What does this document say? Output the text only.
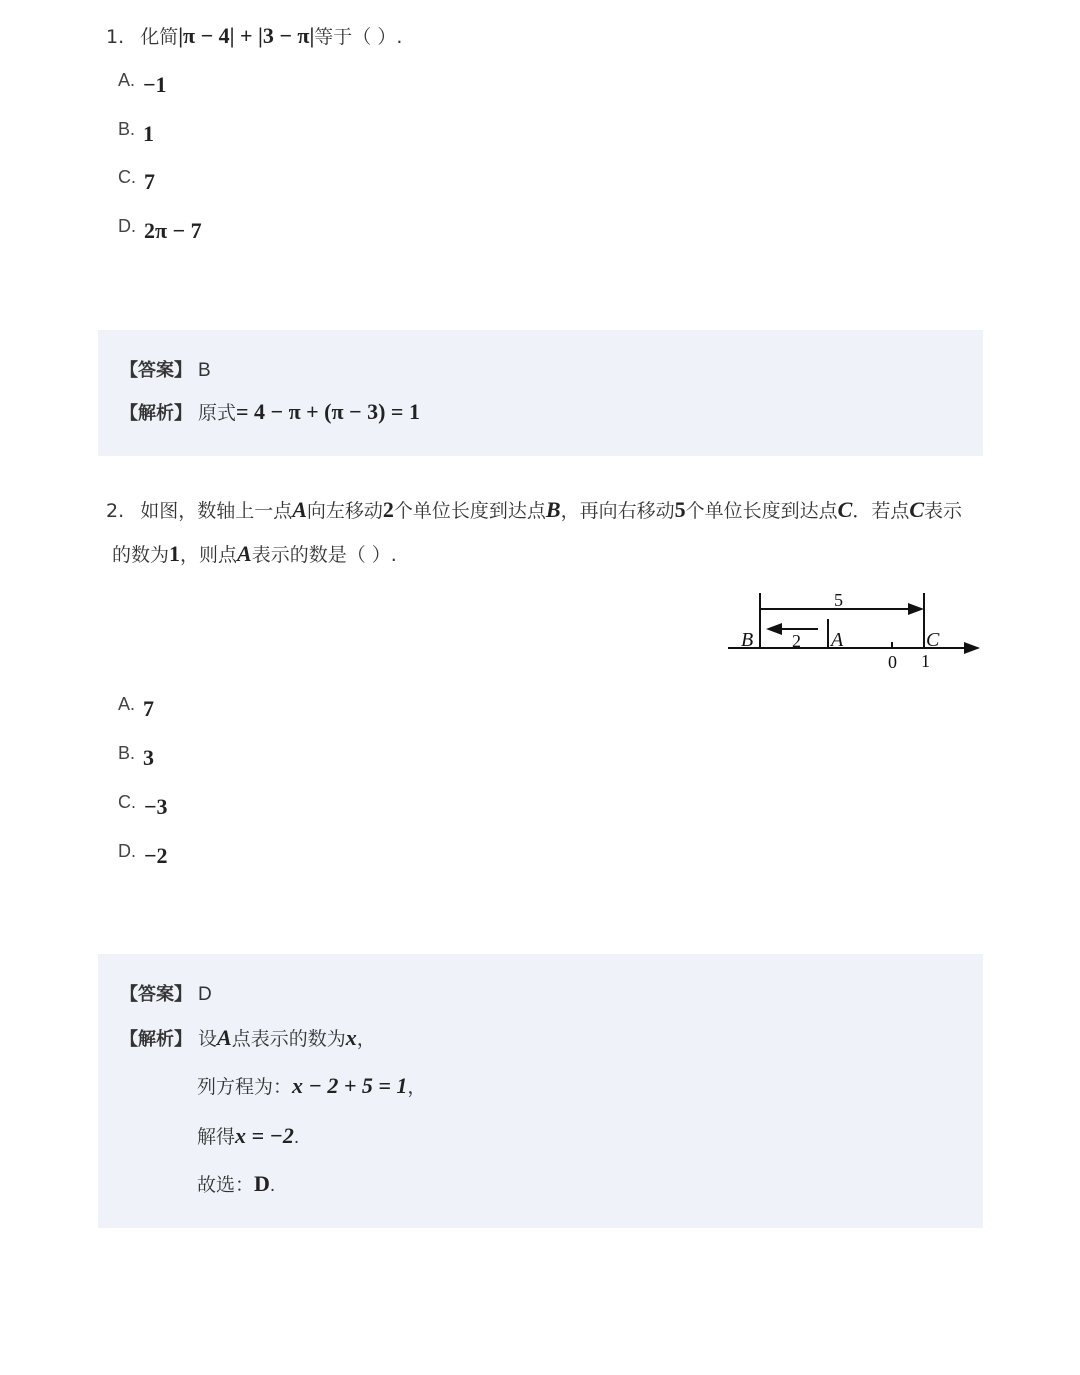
1. 化简|π − 4| + |3 − π|等于（ ）.
A. −1
B. 1
C. 7
D. 2π − 7
【答案】 B
【解析】 原式= 4 − π + (π − 3) = 1
2. 如图，数轴上一点A向左移动2个单位长度到达点B，再向右移动5个单位长度到达点C．若点C表示
的数为1，则点A表示的数是（ ）.
5
B 2 A	C
0 1
A. 7
B. 3
C. −3
D. −2
【答案】 D
【解析】 设A点表示的数为x，
列方程为：x − 2 + 5 = 1，
解得x = −2.
故选：D.
